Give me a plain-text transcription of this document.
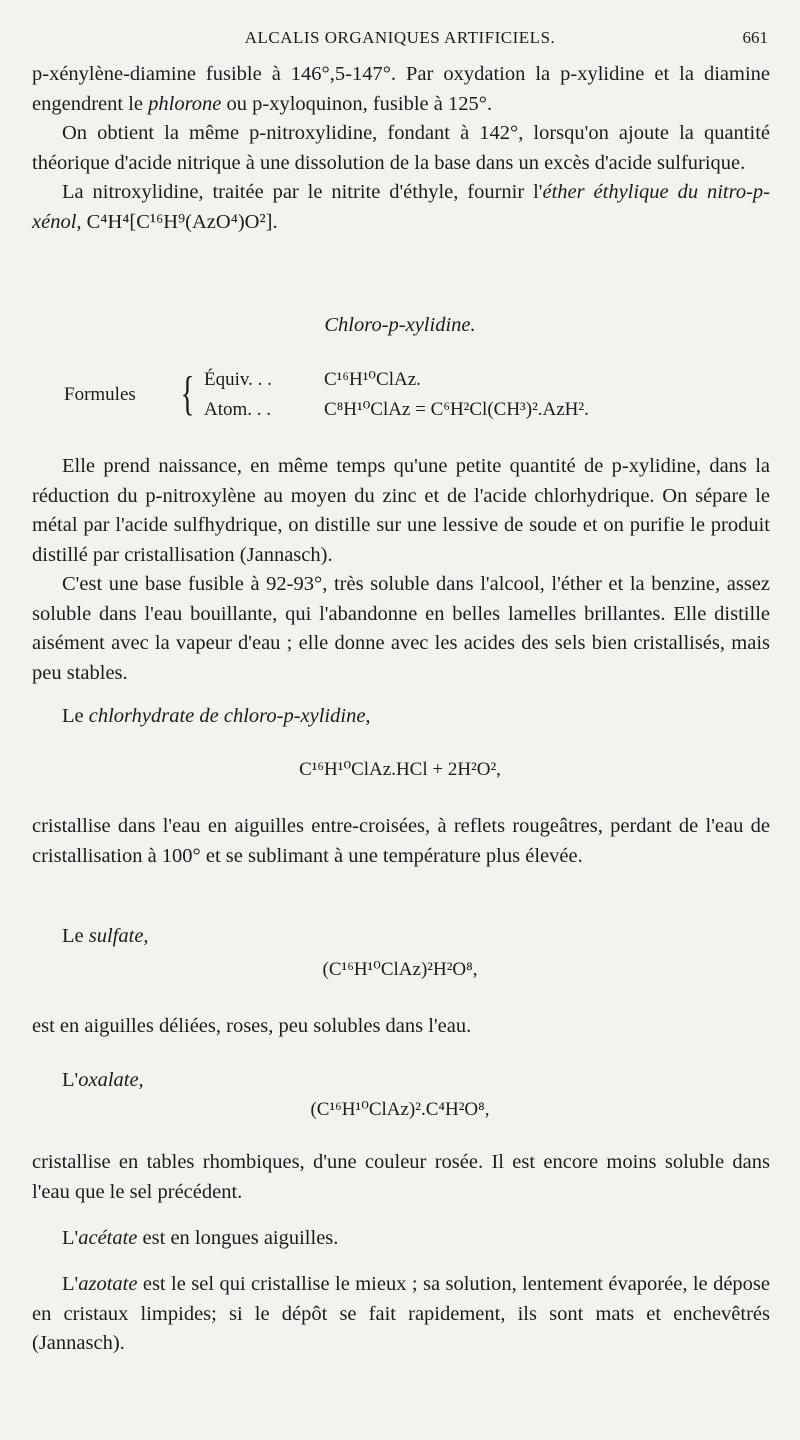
ALCALIS ORGANIQUES ARTIFICIELS.	661

p-xénylène-diamine fusible à 146°,5-147°. Par oxydation la p-xylidine et la diamine engendrent le phlorone ou p-xyloquinon, fusible à 125°.

On obtient la même p-nitroxylidine, fondant à 142°, lorsqu'on ajoute la quantité théorique d'acide nitrique à une dissolution de la base dans un excès d'acide sulfurique.

La nitroxylidine, traitée par le nitrite d'éthyle, fournir l'éther éthylique du nitro-p-xénol, C⁴H⁴[C¹⁶H⁹(AzO⁴)O²].

Chloro-p-xylidine.
Formules { Équiv. . .	C¹⁶H¹⁰ClAz.
Atom. . .	C⁸H¹⁰ClAz = C⁶H²Cl(CH³)².AzH².

Elle prend naissance, en même temps qu'une petite quantité de p-xylidine, dans la réduction du p-nitroxylène au moyen du zinc et de l'acide chlorhydrique. On sépare le métal par l'acide sulfhydrique, on distille sur une lessive de soude et on purifie le produit distillé par cristallisation (Jannasch).

C'est une base fusible à 92-93°, très soluble dans l'alcool, l'éther et la benzine, assez soluble dans l'eau bouillante, qui l'abandonne en belles lamelles brillantes. Elle distille aisément avec la vapeur d'eau ; elle donne avec les acides des sels bien cristallisés, mais peu stables.

Le chlorhydrate de chloro-p-xylidine,

C¹⁶H¹⁰ClAz.HCl + 2H²O²,

cristallise dans l'eau en aiguilles entre-croisées, à reflets rougeâtres, perdant de l'eau de cristallisation à 100° et se sublimant à une température plus élevée.

Le sulfate,

(C¹⁶H¹⁰ClAz)²H²O⁸,

est en aiguilles déliées, roses, peu solubles dans l'eau.

L'oxalate,

(C¹⁶H¹⁰ClAz)².C⁴H²O⁸,

cristallise en tables rhombiques, d'une couleur rosée. Il est encore moins soluble dans l'eau que le sel précédent.

L'acétate est en longues aiguilles.

L'azotate est le sel qui cristallise le mieux ; sa solution, lentement évaporée, le dépose en cristaux limpides; si le dépôt se fait rapidement, ils sont mats et enchevêtrés (Jannasch).
